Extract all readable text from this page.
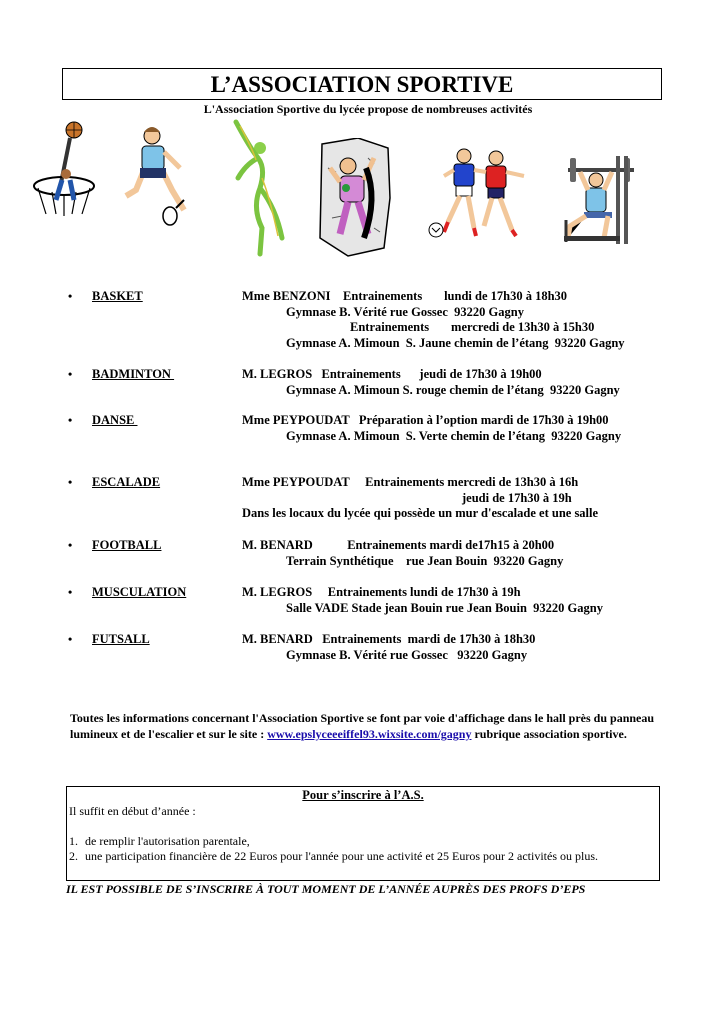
L’ASSOCIATION SPORTIVE
L'Association Sportive du lycée propose de nombreuses activités
• BASKET	Mme BENZONI    Entrainements       lundi de 17h30 à 18h30
Gymnase B. Vérité rue Gossec  93220 Gagny
Entrainements       mercredi de 13h30 à 15h30
Gymnase A. Mimoun  S. Jaune chemin de l’étang  93220 Gagny
• BADMINTON	M. LEGROS   Entrainements      jeudi de 17h30 à 19h00
Gymnase A. Mimoun S. rouge chemin de l’étang  93220 Gagny
• DANSE	Mme PEYPOUDAT   Préparation à l’option mardi de 17h30 à 19h00
Gymnase A. Mimoun  S. Verte chemin de l’étang  93220 Gagny
• ESCALADE	Mme PEYPOUDAT     Entrainements mercredi de 13h30 à 16h
jeudi de 17h30 à 19h
Dans les locaux du lycée qui possède un mur d'escalade et une salle
• FOOTBALL	M. BENARD           Entrainements mardi de17h15 à 20h00
Terrain Synthétique    rue Jean Bouin  93220 Gagny
• MUSCULATION	M. LEGROS     Entrainements lundi de 17h30 à 19h
Salle VADE Stade jean Bouin rue Jean Bouin  93220 Gagny
• FUTSALL	M. BENARD   Entrainements  mardi de 17h30 à 18h30
Gymnase B. Vérité rue Gossec   93220 Gagny
Toutes les informations concernant l'Association Sportive se font par voie d'affichage dans le hall près du panneau lumineux et de l'escalier et sur le site : www.epslyceeeiffel93.wixsite.com/gagny rubrique association sportive.
Pour s’inscrire à l’A.S.
Il suffit en début d’année :
1. de remplir l'autorisation parentale,
2. une participation financière de 22 Euros pour l'année pour une activité et 25 Euros pour 2 activités ou plus.
IL EST POSSIBLE DE S’INSCRIRE À TOUT MOMENT DE L’ANNÉE AUPRÈS DES PROFS D’EPS
